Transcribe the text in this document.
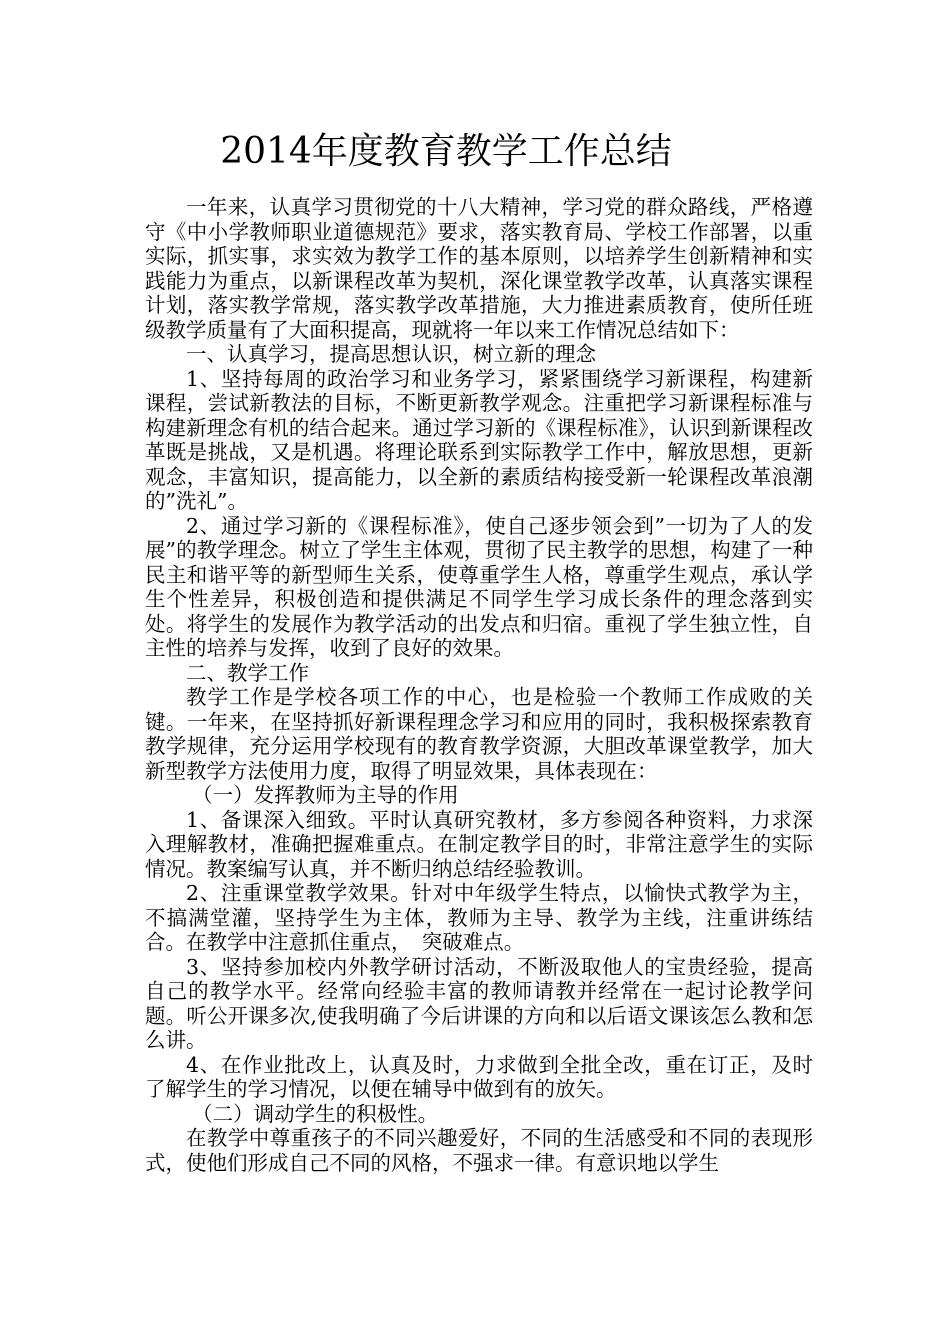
2014年度教育教学工作总结

一年来，认真学习贯彻党的十八大精神，学习党的群众路线，严格遵守《中小学教师职业道德规范》要求，落实教育局、学校工作部署，以重实际，抓实事，求实效为教学工作的基本原则，以培养学生创新精神和实践能力为重点，以新课程改革为契机，深化课堂教学改革，认真落实课程计划，落实教学常规，落实教学改革措施，大力推进素质教育，使所任班级教学质量有了大面积提高，现就将一年以来工作情况总结如下：

一、认真学习，提高思想认识，树立新的理念

1、坚持每周的政治学习和业务学习，紧紧围绕学习新课程，构建新课程，尝试新教法的目标，不断更新教学观念。注重把学习新课程标准与构建新理念有机的结合起来。通过学习新的《课程标准》，认识到新课程改革既是挑战，又是机遇。将理论联系到实际教学工作中，解放思想，更新观念，丰富知识，提高能力，以全新的素质结构接受新一轮课程改革浪潮的”洗礼”。

2、通过学习新的《课程标准》，使自己逐步领会到”一切为了人的发展”的教学理念。树立了学生主体观，贯彻了民主教学的思想，构建了一种民主和谐平等的新型师生关系，使尊重学生人格，尊重学生观点，承认学生个性差异，积极创造和提供满足不同学生学习成长条件的理念落到实处。将学生的发展作为教学活动的出发点和归宿。重视了学生独立性，自主性的培养与发挥，收到了良好的效果。

二、教学工作

教学工作是学校各项工作的中心，也是检验一个教师工作成败的关键。一年来，在坚持抓好新课程理念学习和应用的同时，我积极探索教育教学规律，充分运用学校现有的教育教学资源，大胆改革课堂教学，加大新型教学方法使用力度，取得了明显效果，具体表现在：

（一）发挥教师为主导的作用

1、备课深入细致。平时认真研究教材，多方参阅各种资料，力求深入理解教材，准确把握难重点。在制定教学目的时，非常注意学生的实际情况。教案编写认真，并不断归纳总结经验教训。

2、注重课堂教学效果。针对中年级学生特点，以愉快式教学为主，不搞满堂灌，坚持学生为主体，教师为主导、教学为主线，注重讲练结合。在教学中注意抓住重点，　突破难点。

3、坚持参加校内外教学研讨活动，不断汲取他人的宝贵经验，提高自己的教学水平。经常向经验丰富的教师请教并经常在一起讨论教学问题。听公开课多次,使我明确了今后讲课的方向和以后语文课该怎么教和怎么讲。

4、在作业批改上，认真及时，力求做到全批全改，重在订正，及时了解学生的学习情况，以便在辅导中做到有的放矢。

（二）调动学生的积极性。

在教学中尊重孩子的不同兴趣爱好，不同的生活感受和不同的表现形式，使他们形成自己不同的风格，不强求一律。有意识地以学生
